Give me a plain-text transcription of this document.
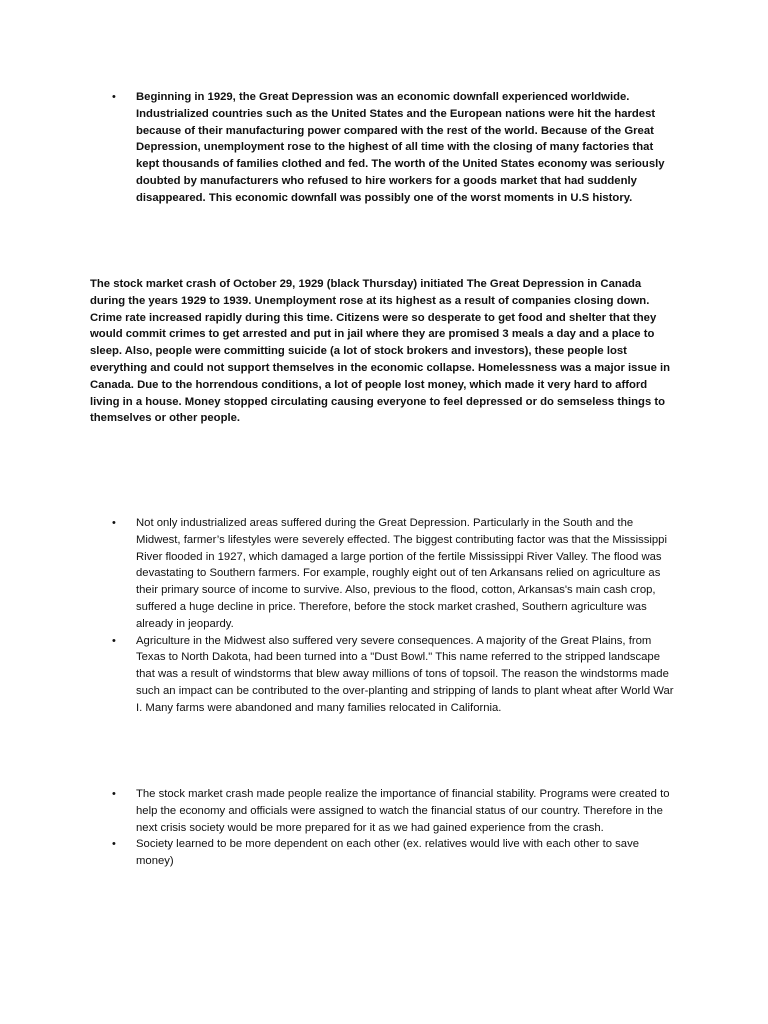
•	Beginning in 1929, the Great Depression was an economic downfall experienced worldwide. Industrialized countries such as the United States and the European nations were hit the hardest because of their manufacturing power compared with the rest of the world. Because of the Great Depression, unemployment rose to the highest of all time with the closing of many factories that kept thousands of families clothed and fed. The worth of the United States economy was seriously doubted by manufacturers who refused to hire workers for a goods market that had suddenly disappeared. This economic downfall was possibly one of the worst moments in U.S history.
The stock market crash of October 29, 1929 (black Thursday) initiated The Great Depression in Canada during the years 1929 to 1939. Unemployment rose at its highest as a result of companies closing down. Crime rate increased rapidly during this time. Citizens were so desperate to get food and shelter that they would commit crimes to get arrested and put in jail where they are promised 3 meals a day and a place to sleep. Also, people were committing suicide (a lot of stock brokers and investors), these people lost everything and could not support themselves in the economic collapse. Homelessness was a major issue in Canada. Due to the horrendous conditions, a lot of people lost money, which made it very hard to afford living in a house. Money stopped circulating causing everyone to feel depressed or do semseless things to themselves or other people.
•	Not only industrialized areas suffered during the Great Depression. Particularly in the South and the Midwest, farmer’s lifestyles were severely effected. The biggest contributing factor was that the Mississippi River flooded in 1927, which damaged a large portion of the fertile Mississippi River Valley. The flood was devastating to Southern farmers. For example, roughly eight out of ten Arkansans relied on agriculture as their primary source of income to survive. Also, previous to the flood, cotton, Arkansas's main cash crop, suffered a huge decline in price. Therefore, before the stock market crashed, Southern agriculture was already in jeopardy.
•	Agriculture in the Midwest also suffered very severe consequences. A majority of the Great Plains, from Texas to North Dakota, had been turned into a "Dust Bowl." This name referred to the stripped landscape that was a result of windstorms that blew away millions of tons of topsoil. The reason the windstorms made such an impact can be contributed to the over-planting and stripping of lands to plant wheat after World War I. Many farms were abandoned and many families relocated in California.
•	The stock market crash made people realize the importance of financial stability. Programs were created to help the economy and officials were assigned to watch the financial status of our country. Therefore in the next crisis society would be more prepared for it as we had gained experience from the crash.
•	Society learned to be more dependent on each other (ex. relatives would live with each other to save money)
